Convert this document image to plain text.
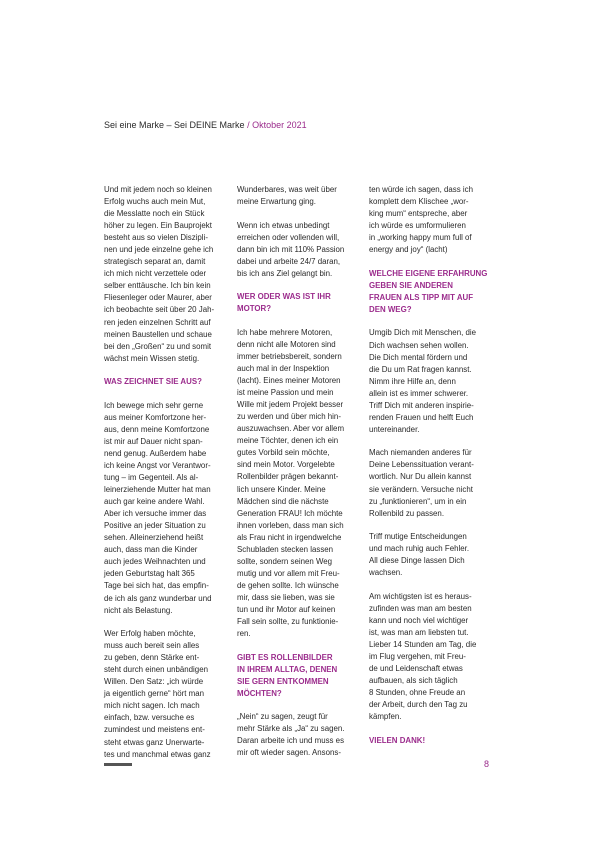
Sei eine Marke – Sei DEINE Marke / Oktober 2021

Und mit jedem noch so kleinen
Erfolg wuchs auch mein Mut,
die Messlatte noch ein Stück
höher zu legen. Ein Bauprojekt
besteht aus so vielen Diszipli-
nen und jede einzelne gehe ich
strategisch separat an, damit
ich mich nicht verzettele oder
selber enttäusche. Ich bin kein
Fliesenleger oder Maurer, aber
ich beobachte seit über 20 Jah-
ren jeden einzelnen Schritt auf
meinen Baustellen und schaue
bei den „Großen“ zu und somit
wächst mein Wissen stetig.

WAS ZEICHNET SIE AUS?

Ich bewege mich sehr gerne
aus meiner Komfortzone her-
aus, denn meine Komfortzone
ist mir auf Dauer nicht span-
nend genug. Außerdem habe
ich keine Angst vor Verantwor-
tung – im Gegenteil. Als al-
leinerziehende Mutter hat man
auch gar keine andere Wahl.
Aber ich versuche immer das
Positive an jeder Situation zu
sehen. Alleinerziehend heißt
auch, dass man die Kinder
auch jedes Weihnachten und
jeden Geburtstag halt 365
Tage bei sich hat, das empfin-
de ich als ganz wunderbar und
nicht als Belastung.

Wer Erfolg haben möchte,
muss auch bereit sein alles
zu geben, denn Stärke ent-
steht durch einen unbändigen
Willen. Den Satz: „ich würde
ja eigentlich gerne“ hört man
mich nicht sagen. Ich mach
einfach, bzw. versuche es
zumindest und meistens ent-
steht etwas ganz Unerwarte-
tes und manchmal etwas ganz

Wunderbares, was weit über
meine Erwartung ging.

Wenn ich etwas unbedingt
erreichen oder vollenden will,
dann bin ich mit 110% Passion
dabei und arbeite 24/7 daran,
bis ich ans Ziel gelangt bin.

WER ODER WAS IST IHR
MOTOR?

Ich habe mehrere Motoren,
denn nicht alle Motoren sind
immer betriebsbereit, sondern
auch mal in der Inspektion
(lacht). Eines meiner Motoren
ist meine Passion und mein
Wille mit jedem Projekt besser
zu werden und über mich hin-
auszuwachsen. Aber vor allem
meine Töchter, denen ich ein
gutes Vorbild sein möchte,
sind mein Motor. Vorgelebte
Rollenbilder prägen bekannt-
lich unsere Kinder. Meine
Mädchen sind die nächste
Generation FRAU! Ich möchte
ihnen vorleben, dass man sich
als Frau nicht in irgendwelche
Schubladen stecken lassen
sollte, sondern seinen Weg
mutig und vor allem mit Freu-
de gehen sollte. Ich wünsche
mir, dass sie lieben, was sie
tun und ihr Motor auf keinen
Fall sein sollte, zu funktionie-
ren.

GIBT ES ROLLENBILDER
IN IHREM ALLTAG, DENEN
SIE GERN ENTKOMMEN
MÖCHTEN?

„Nein“ zu sagen, zeugt für
mehr Stärke als „Ja“ zu sagen.
Daran arbeite ich und muss es
mir oft wieder sagen. Ansons-

ten würde ich sagen, dass ich
komplett dem Klischee „wor-
king mum“ entspreche, aber
ich würde es umformulieren
in „working happy mum full of
energy and joy“ (lacht)

WELCHE EIGENE ERFAHRUNG
GEBEN SIE ANDEREN
FRAUEN ALS TIPP MIT AUF
DEN WEG?

Umgib Dich mit Menschen, die
Dich wachsen sehen wollen.
Die Dich mental fördern und
die Du um Rat fragen kannst.
Nimm ihre Hilfe an, denn
allein ist es immer schwerer.
Triff Dich mit anderen inspirie-
renden Frauen und helft Euch
untereinander.

Mach niemanden anderes für
Deine Lebenssituation verant-
wortlich. Nur Du allein kannst
sie verändern. Versuche nicht
zu „funktionieren“, um in ein
Rollenbild zu passen.

Triff mutige Entscheidungen
und mach ruhig auch Fehler.
All diese Dinge lassen Dich
wachsen.

Am wichtigsten ist es heraus-
zufinden was man am besten
kann und noch viel wichtiger
ist, was man am liebsten tut.
Lieber 14 Stunden am Tag, die
im Flug vergehen, mit Freu-
de und Leidenschaft etwas
aufbauen, als sich täglich
8 Stunden, ohne Freude an
der Arbeit, durch den Tag zu
kämpfen.

VIELEN DANK!
8
